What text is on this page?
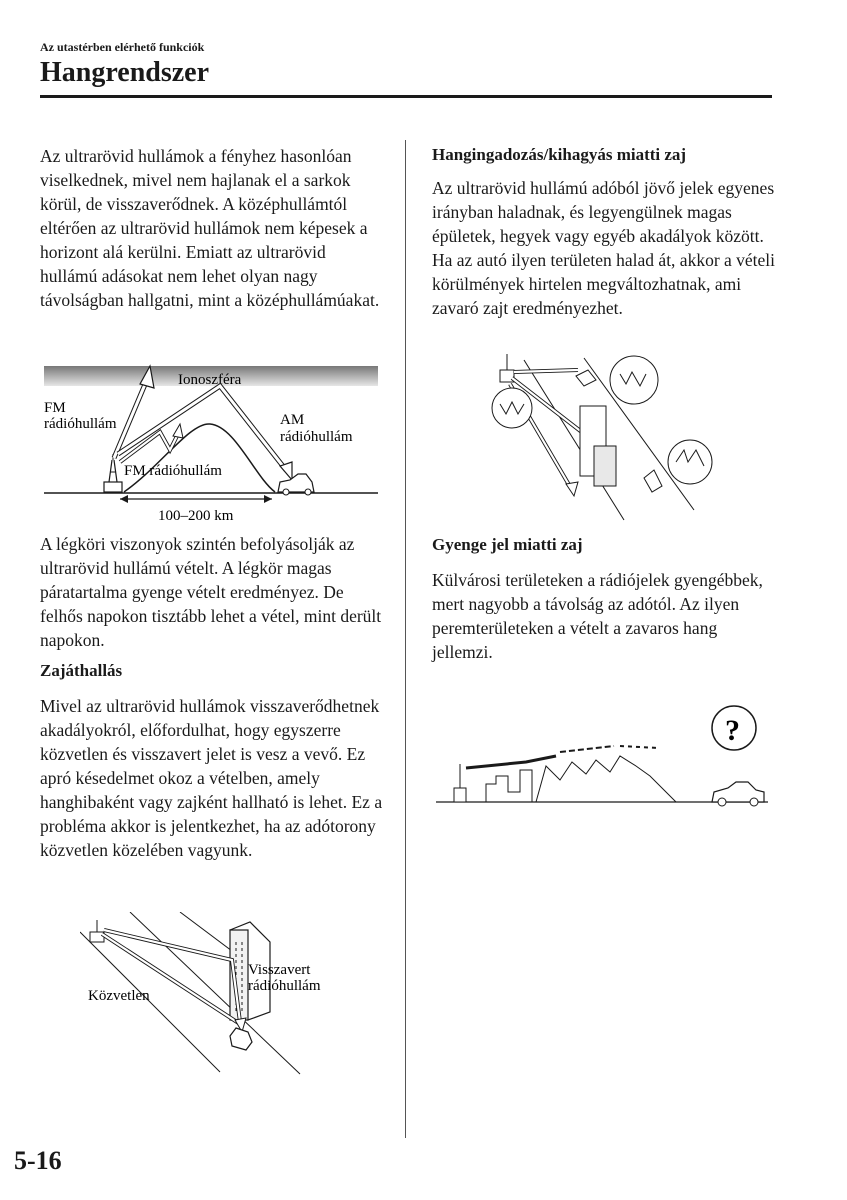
Az utastérben elérhető funkciók
Hangrendszer

Az ultrarövid hullámok a fényhez hasonlóan viselkednek, mivel nem hajlanak el a sarkok körül, de visszaverődnek. A középhullámtól eltérően az ultrarövid hullámok nem képesek a horizont alá kerülni. Emiatt az ultrarövid hullámú adásokat nem lehet olyan nagy távolságban hallgatni, mint a középhullámúakat.

Ionoszféra
FM
rádióhullám	AM
rádióhullám
FM rádióhullám
100–200 km

A légköri viszonyok szintén befolyásolják az ultrarövid hullámú vételt. A légkör magas páratartalma gyenge vételt eredményez. De felhős napokon tisztább lehet a vétel, mint derült napokon.

Zajáthallás

Mivel az ultrarövid hullámok visszaverődhetnek akadályokról, előfordulhat, hogy egyszerre közvetlen és visszavert jelet is vesz a vevő. Ez apró késedelmet okoz a vételben, amely hanghibaként vagy zajként hallható is lehet. Ez a probléma akkor is jelentkezhet, ha az adótorony közvetlen közelében vagyunk.

Közvetlen
Visszavert
rádióhullám
Hangingadozás/kihagyás miatti zaj

Az ultrarövid hullámú adóból jövő jelek egyenes irányban haladnak, és legyengülnek magas épületek, hegyek vagy egyéb akadályok között. Ha az autó ilyen területen halad át, akkor a vételi körülmények hirtelen megváltozhatnak, ami zavaró zajt eredményezhet.

Gyenge jel miatti zaj

Külvárosi területeken a rádiójelek gyengébbek, mert nagyobb a távolság az adótól. Az ilyen peremterületeken a vételt a zavaros hang jellemzi.

?
5-16
